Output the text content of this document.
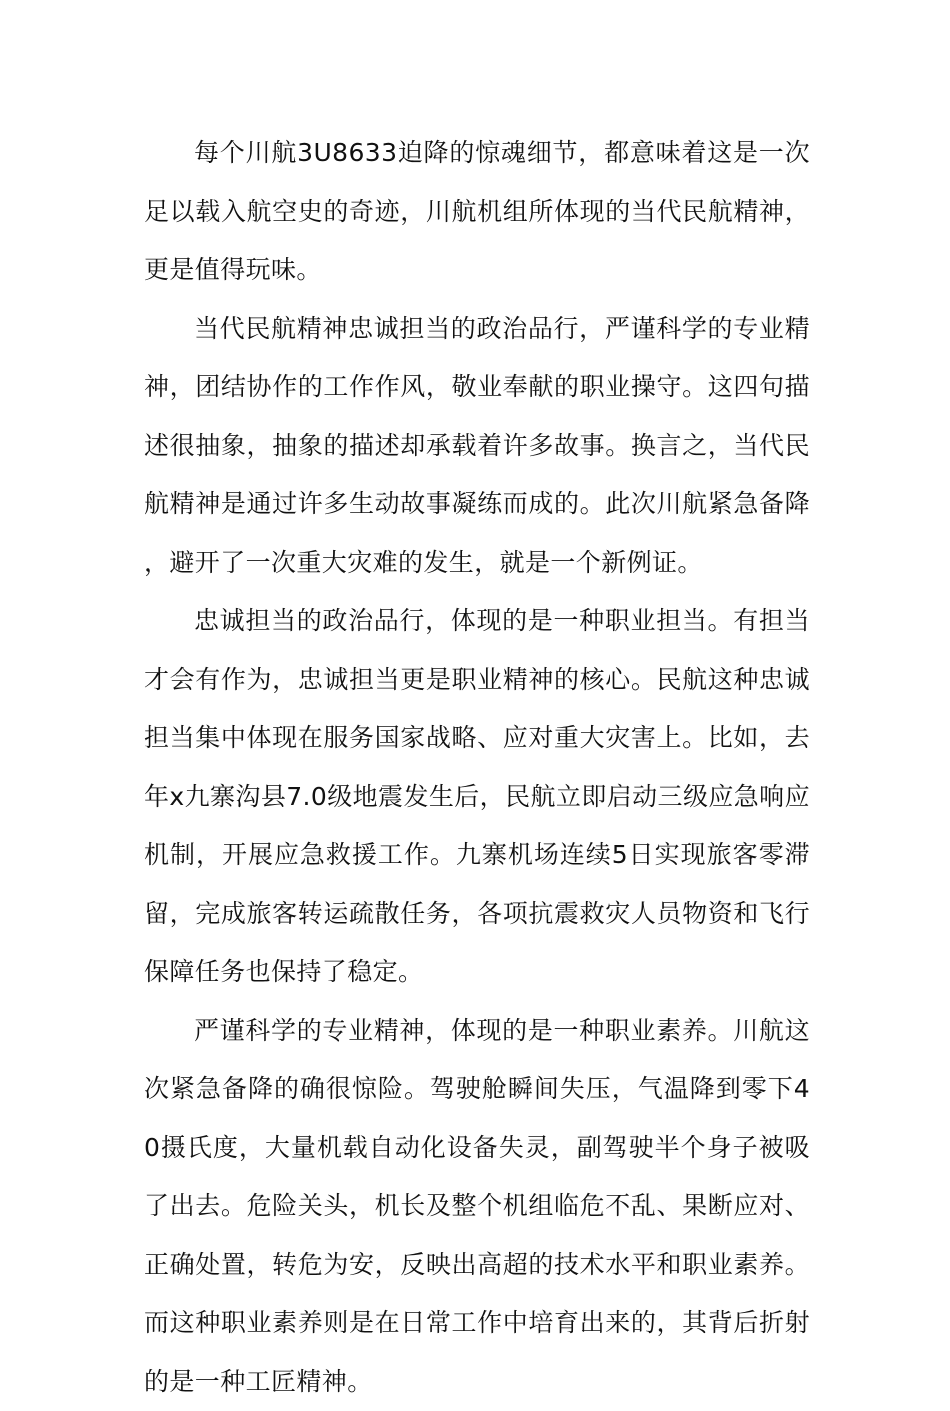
每个川航3U8633迫降的惊魂细节，都意味着这是一次足以载入航空史的奇迹，川航机组所体现的当代民航精神，更是值得玩味。

当代民航精神忠诚担当的政治品行，严谨科学的专业精神，团结协作的工作作风，敬业奉献的职业操守。这四句描述很抽象，抽象的描述却承载着许多故事。换言之，当代民航精神是通过许多生动故事凝练而成的。此次川航紧急备降，避开了一次重大灾难的发生，就是一个新例证。

忠诚担当的政治品行，体现的是一种职业担当。有担当才会有作为，忠诚担当更是职业精神的核心。民航这种忠诚担当集中体现在服务国家战略、应对重大灾害上。比如，去年x九寨沟县7.0级地震发生后，民航立即启动三级应急响应机制，开展应急救援工作。九寨机场连续5日实现旅客零滞留，完成旅客转运疏散任务，各项抗震救灾人员物资和飞行保障任务也保持了稳定。

严谨科学的专业精神，体现的是一种职业素养。川航这次紧急备降的确很惊险。驾驶舱瞬间失压，气温降到零下40摄氏度，大量机载自动化设备失灵，副驾驶半个身子被吸了出去。危险关头，机长及整个机组临危不乱、果断应对、正确处置，转危为安，反映出高超的技术水平和职业素养。而这种职业素养则是在日常工作中培育出来的，其背后折射的是一种工匠精神。
